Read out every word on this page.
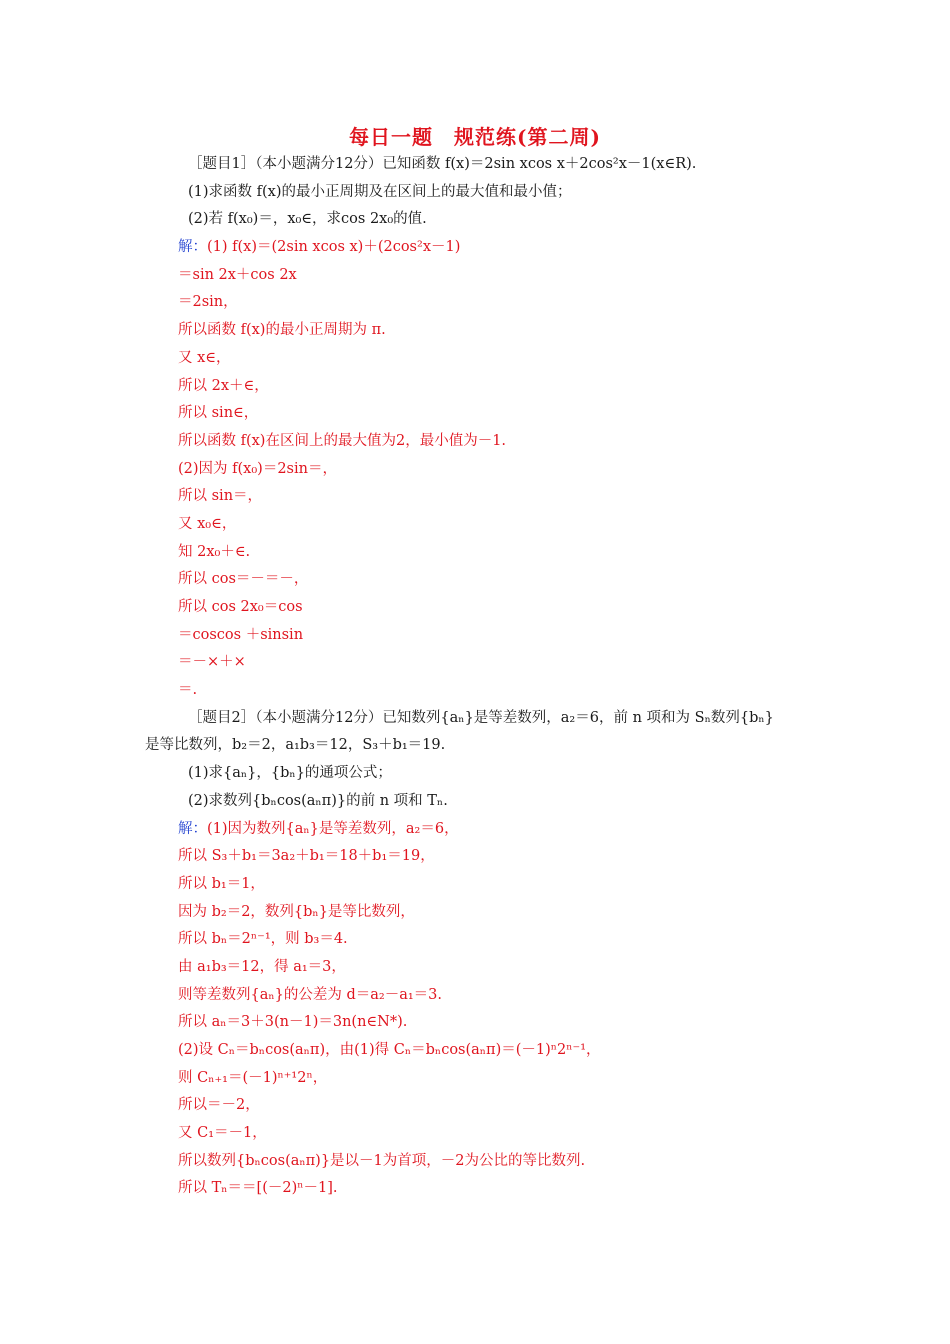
每日一题　规范练(第二周)
［题目1］（本小题满分12分）已知函数 f(x)＝2sin xcos x＋2cos²x－1(x∈R).
(1)求函数 f(x)的最小正周期及在区间上的最大值和最小值；
(2)若 f(x₀)＝，x₀∈，求cos 2x₀的值.
解：(1) f(x)＝(2sin xcos x)＋(2cos²x－1)
＝sin 2x＋cos 2x
＝2sin，
所以函数 f(x)的最小正周期为 π.
又 x∈，
所以 2x＋∈，
所以 sin∈，
所以函数 f(x)在区间上的最大值为2，最小值为－1.
(2)因为 f(x₀)＝2sin＝，
所以 sin＝，
又 x₀∈，
知 2x₀＋∈.
所以 cos＝－＝－，
所以 cos 2x₀＝cos
＝coscos ＋sinsin
＝－×＋×
＝.
［题目2］（本小题满分12分）已知数列{aₙ}是等差数列，a₂＝6，前 n 项和为 Sₙ数列{bₙ}
是等比数列，b₂＝2，a₁b₃＝12，S₃＋b₁＝19.
(1)求{aₙ}，{bₙ}的通项公式；
(2)求数列{bₙcos(aₙπ)}的前 n 项和 Tₙ.
解：(1)因为数列{aₙ}是等差数列，a₂＝6，
所以 S₃＋b₁＝3a₂＋b₁＝18＋b₁＝19，
所以 b₁＝1，
因为 b₂＝2，数列{bₙ}是等比数列，
所以 bₙ＝2ⁿ⁻¹，则 b₃＝4.
由 a₁b₃＝12，得 a₁＝3，
则等差数列{aₙ}的公差为 d＝a₂－a₁＝3.
所以 aₙ＝3＋3(n－1)＝3n(n∈N*).
(2)设 Cₙ＝bₙcos(aₙπ)，由(1)得 Cₙ＝bₙcos(aₙπ)＝(－1)ⁿ2ⁿ⁻¹，
则 Cₙ₊₁＝(－1)ⁿ⁺¹2ⁿ，
所以＝－2，
又 C₁＝－1，
所以数列{bₙcos(aₙπ)}是以－1为首项，－2为公比的等比数列.
所以 Tₙ＝＝[(－2)ⁿ－1].
